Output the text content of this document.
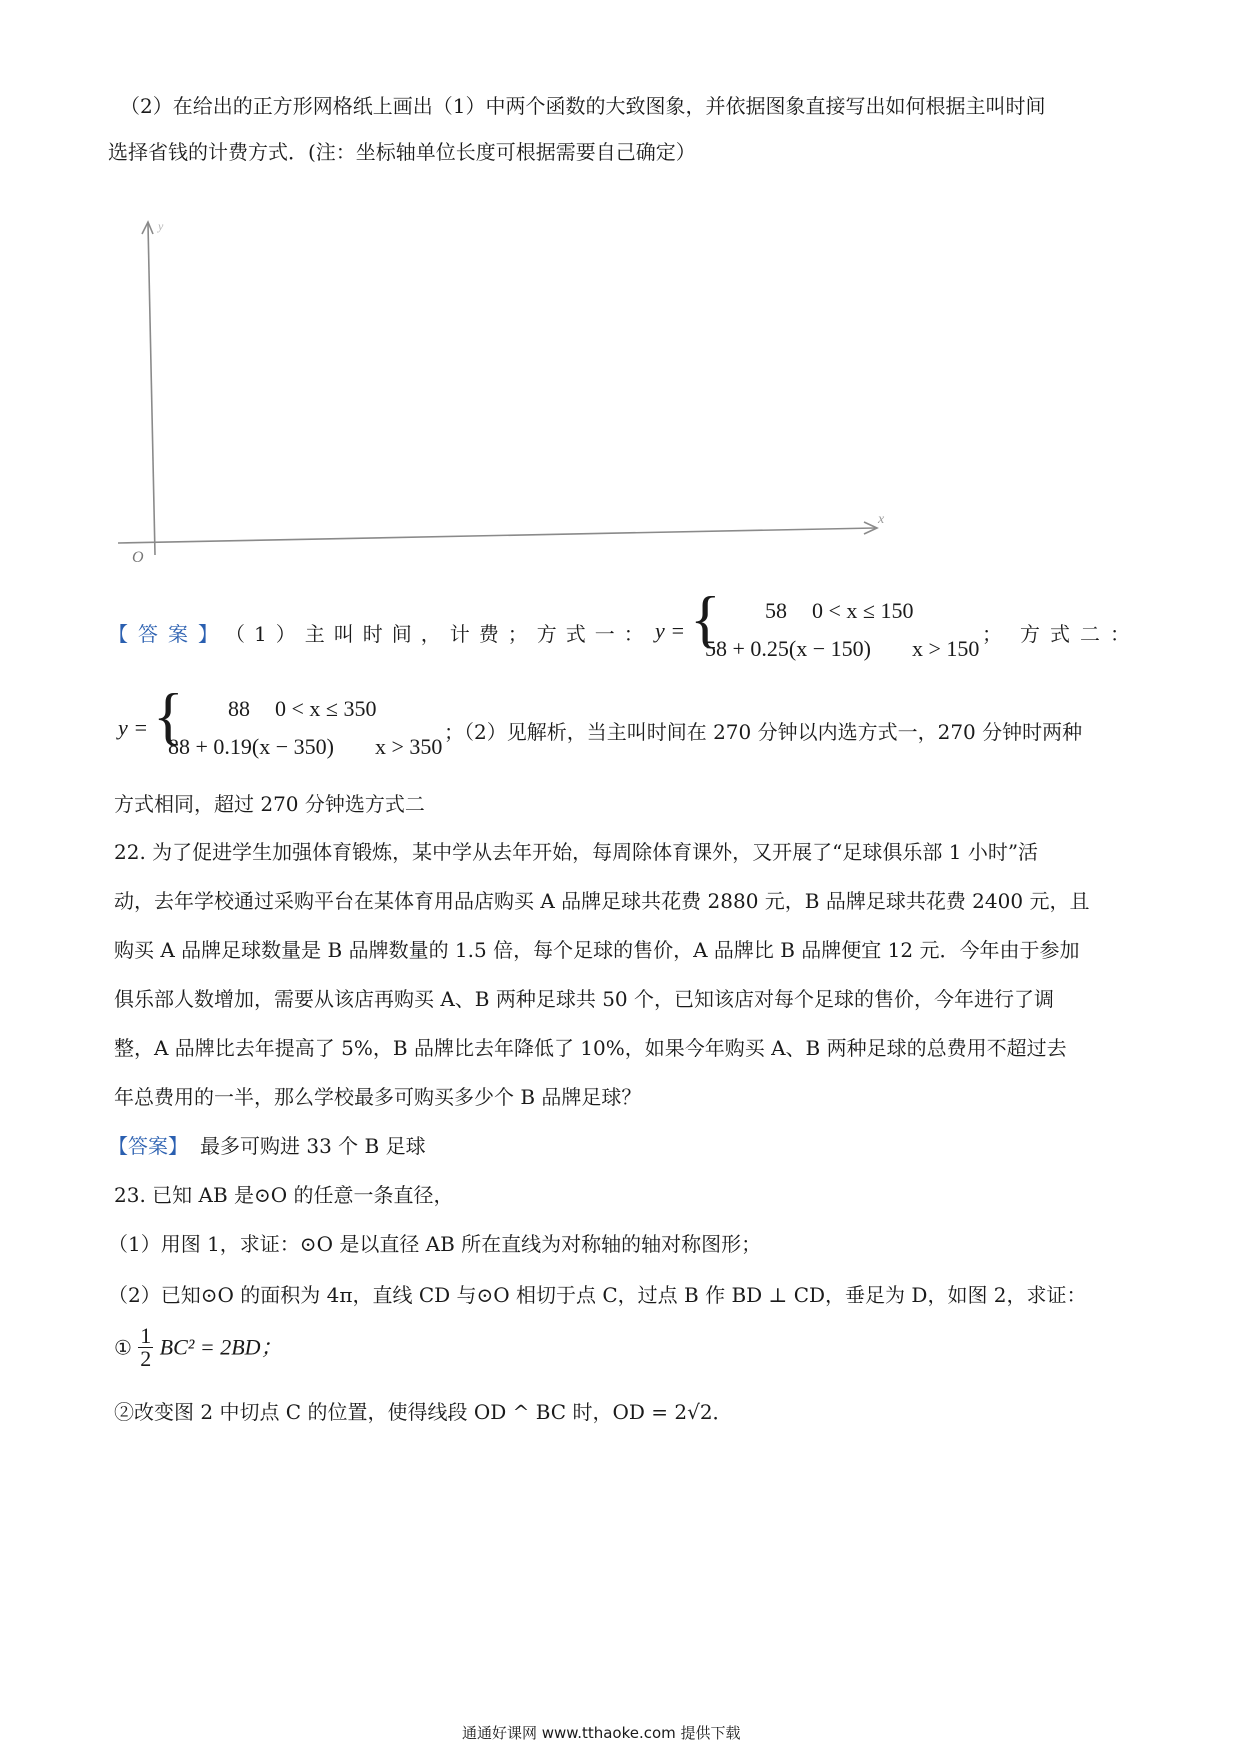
（2）在给出的正方形网格纸上画出（1）中两个函数的大致图象，并依据图象直接写出如何根据主叫时间
选择省钱的计费方式．(注：坐标轴单位长度可根据需要自己确定）
y
x
O
【答案】
（1）主叫时间，计费；方式一： y = { 58 0 < x ≤ 150
58 + 0.25(x − 150) x > 150
； 方式二：
y = { 88 0 < x ≤ 350
88 + 0.19(x − 350) x > 350
；（2）见解析，当主叫时间在 270 分钟以内选方式一，270 分钟时两种
方式相同，超过 270 分钟选方式二
22. 为了促进学生加强体育锻炼，某中学从去年开始，每周除体育课外，又开展了“足球俱乐部 1 小时”活
动，去年学校通过采购平台在某体育用品店购买 A 品牌足球共花费 2880 元，B 品牌足球共花费 2400 元，且
购买 A 品牌足球数量是 B 品牌数量的 1.5 倍，每个足球的售价，A 品牌比 B 品牌便宜 12 元．今年由于参加
俱乐部人数增加，需要从该店再购买 A、B 两种足球共 50 个，已知该店对每个足球的售价，今年进行了调
整，A 品牌比去年提高了 5%，B 品牌比去年降低了 10%，如果今年购买 A、B 两种足球的总费用不超过去
年总费用的一半，那么学校最多可购买多少个 B 品牌足球？
【答案】 最多可购进 33 个 B 足球
23. 已知 AB 是⊙O 的任意一条直径，
（1）用图 1，求证：⊙O 是以直径 AB 所在直线为对称轴的轴对称图形；
（2）已知⊙O 的面积为 4π，直线 CD 与⊙O 相切于点 C，过点 B 作 BD ⊥ CD，垂足为 D，如图 2，求证：
① $\frac{1}{2} BC^2 = 2BD$；
②改变图 2 中切点 C 的位置，使得线段 OD ^ BC 时，OD = 2√2．
通通好课网 www.tthaoke.com 提供下载
